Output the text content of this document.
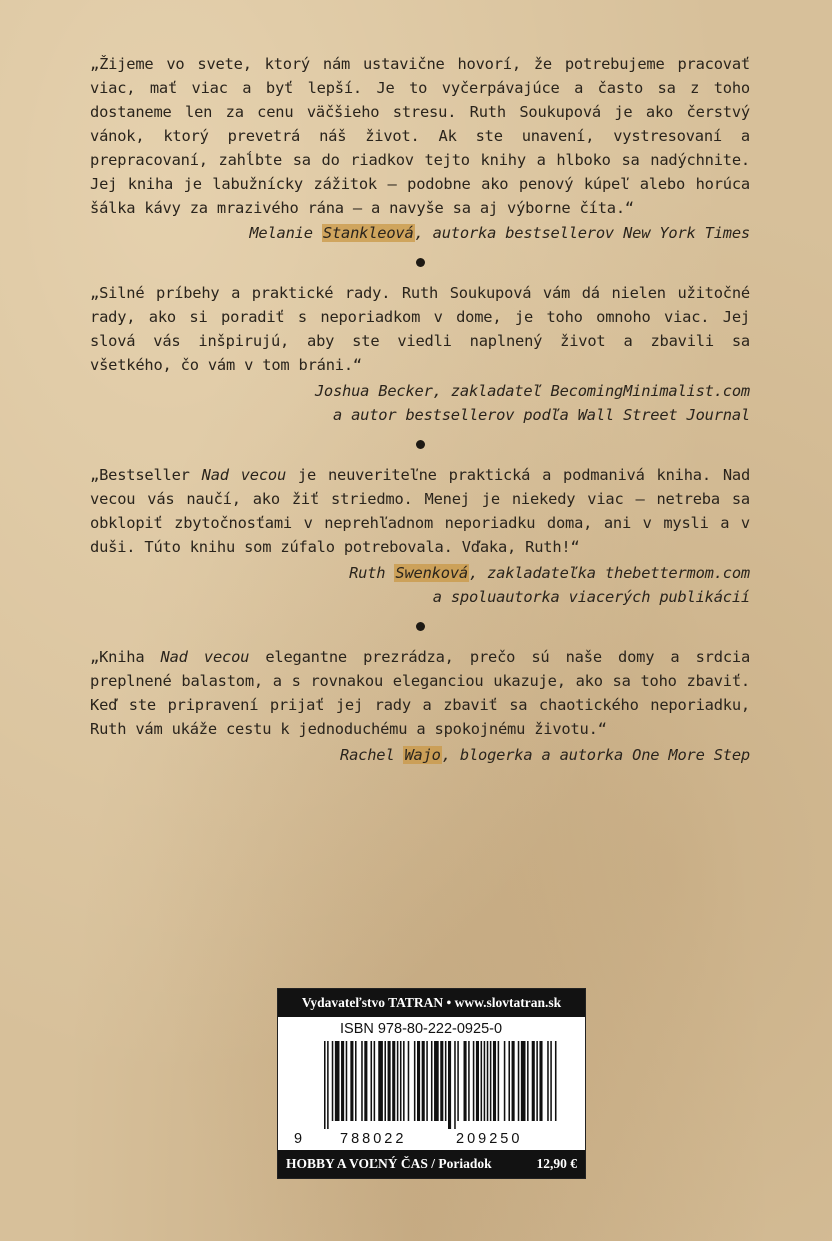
„Žijeme vo svete, ktorý nám ustavične hovorí, že potrebujeme pracovať viac, mať viac a byť lepší. Je to vyčerpávajúce a často sa z toho dostaneme len za cenu väčšieho stresu. Ruth Soukupová je ako čerstvý vánok, ktorý prevetrá náš život. Ak ste unavení, vystresovaní a prepracovaní, zahĺbte sa do riadkov tejto knihy a hlboko sa nadýchnite. Jej kniha je labužnícky zážitok – podobne ako penový kúpeľ alebo horúca šálka kávy za mrazivého rána – a navyše sa aj výborne číta.“

Melanie Stankleová, autorka bestsellerov New York Times

„Silné príbehy a praktické rady. Ruth Soukupová vám dá nielen užitočné rady, ako si poradiť s neporiadkom v dome, je toho omnoho viac. Jej slová vás inšpirujú, aby ste viedli naplnený život a zbavili sa všetkého, čo vám v tom bráni.“

Joshua Becker, zakladateľ BecomingMinimalist.com

a autor bestsellerov podľa Wall Street Journal

„Bestseller Nad vecou je neuveriteľne praktická a podmanivá kniha. Nad vecou vás naučí, ako žiť striedmo. Menej je niekedy viac – netreba sa obklopiť zbytočnosťami v neprehľadnom neporiadku doma, ani v mysli a v duši. Túto knihu som zúfalo potrebovala. Vďaka, Ruth!“

Ruth Swenková, zakladateľka thebettermom.com

a spoluautorka viacerých publikácií

„Kniha Nad vecou elegantne prezrádza, prečo sú naše domy a srdcia preplnené balastom, a s rovnakou eleganciou ukazuje, ako sa toho zbaviť. Keď ste pripravení prijať jej rady a zbaviť sa chaotického neporiadku, Ruth vám ukáže cestu k jednoduchému a spokojnému životu.“

Rachel Wajo, blogerka a autorka One More Step

Vydavateľstvo TATRAN • www.slovtatran.sk
ISBN 978-80-222-0925-0
9	788022	209250
HOBBY A VOĽNÝ ČAS / Poriadok	12,90 €
